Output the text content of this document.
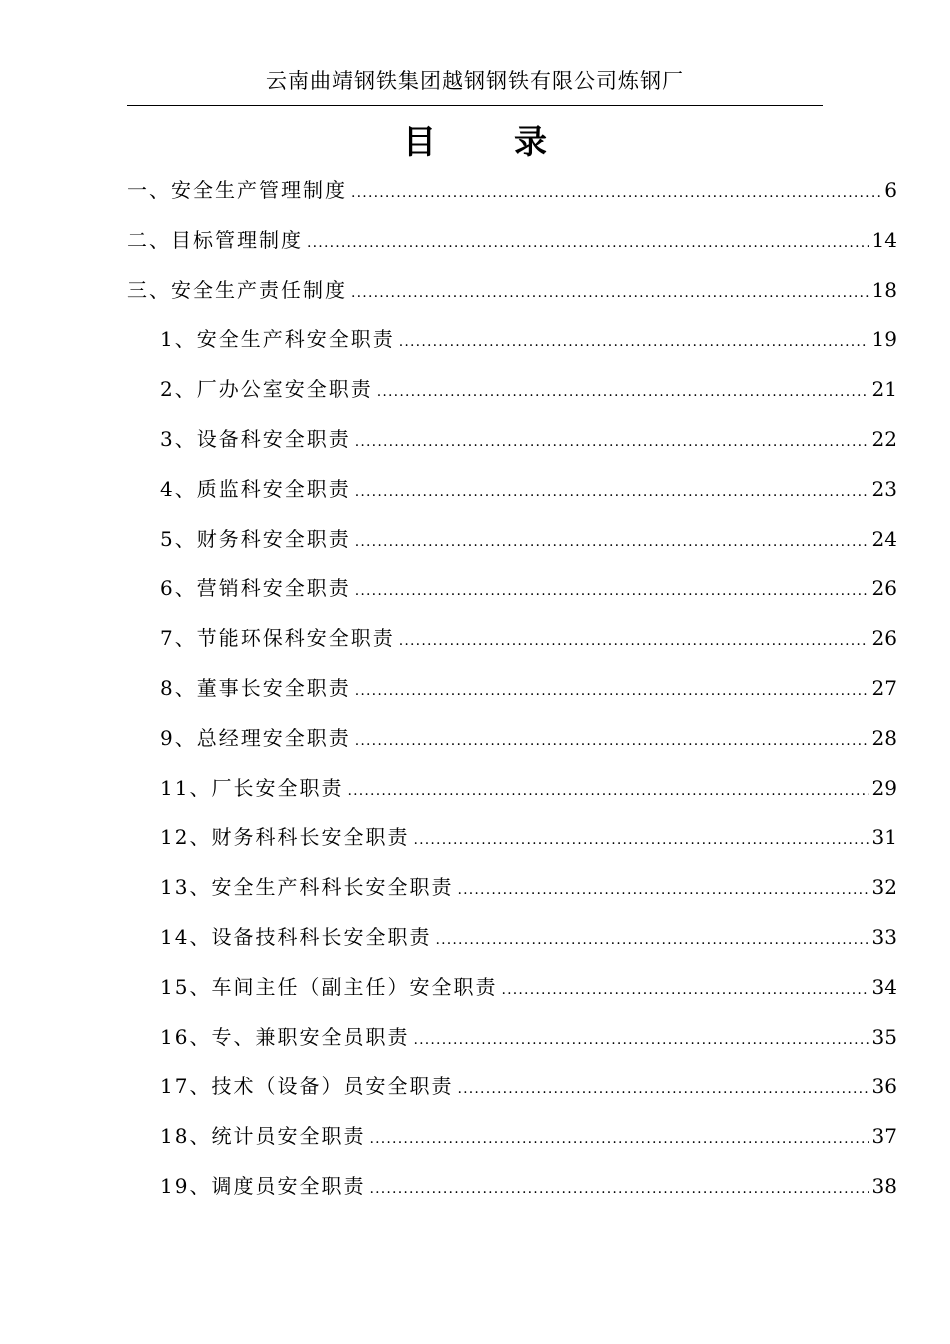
云南曲靖钢铁集团越钢钢铁有限公司炼钢厂
目 录
一、安全生产管理制度 .....	6
二、目标管理制度 .....	14
三、安全生产责任制度 .....	18
1、安全生产科安全职责 .....	19
2、厂办公室安全职责 .....	21
3、设备科安全职责 .....	22
4、质监科安全职责 .....	23
5、财务科安全职责 .....	24
6、营销科安全职责 .....	26
7、节能环保科安全职责 .....	26
8、董事长安全职责 .....	27
9、总经理安全职责 .....	28
11、厂长安全职责 .....	29
12、财务科科长安全职责 .....	31
13、安全生产科科长安全职责 .....	32
14、设备技科科长安全职责 .....	33
15、车间主任（副主任）安全职责 .....	34
16、专、兼职安全员职责 .....	35
17、技术（设备）员安全职责 .....	36
18、统计员安全职责 .....	37
19、调度员安全职责 .....	38
